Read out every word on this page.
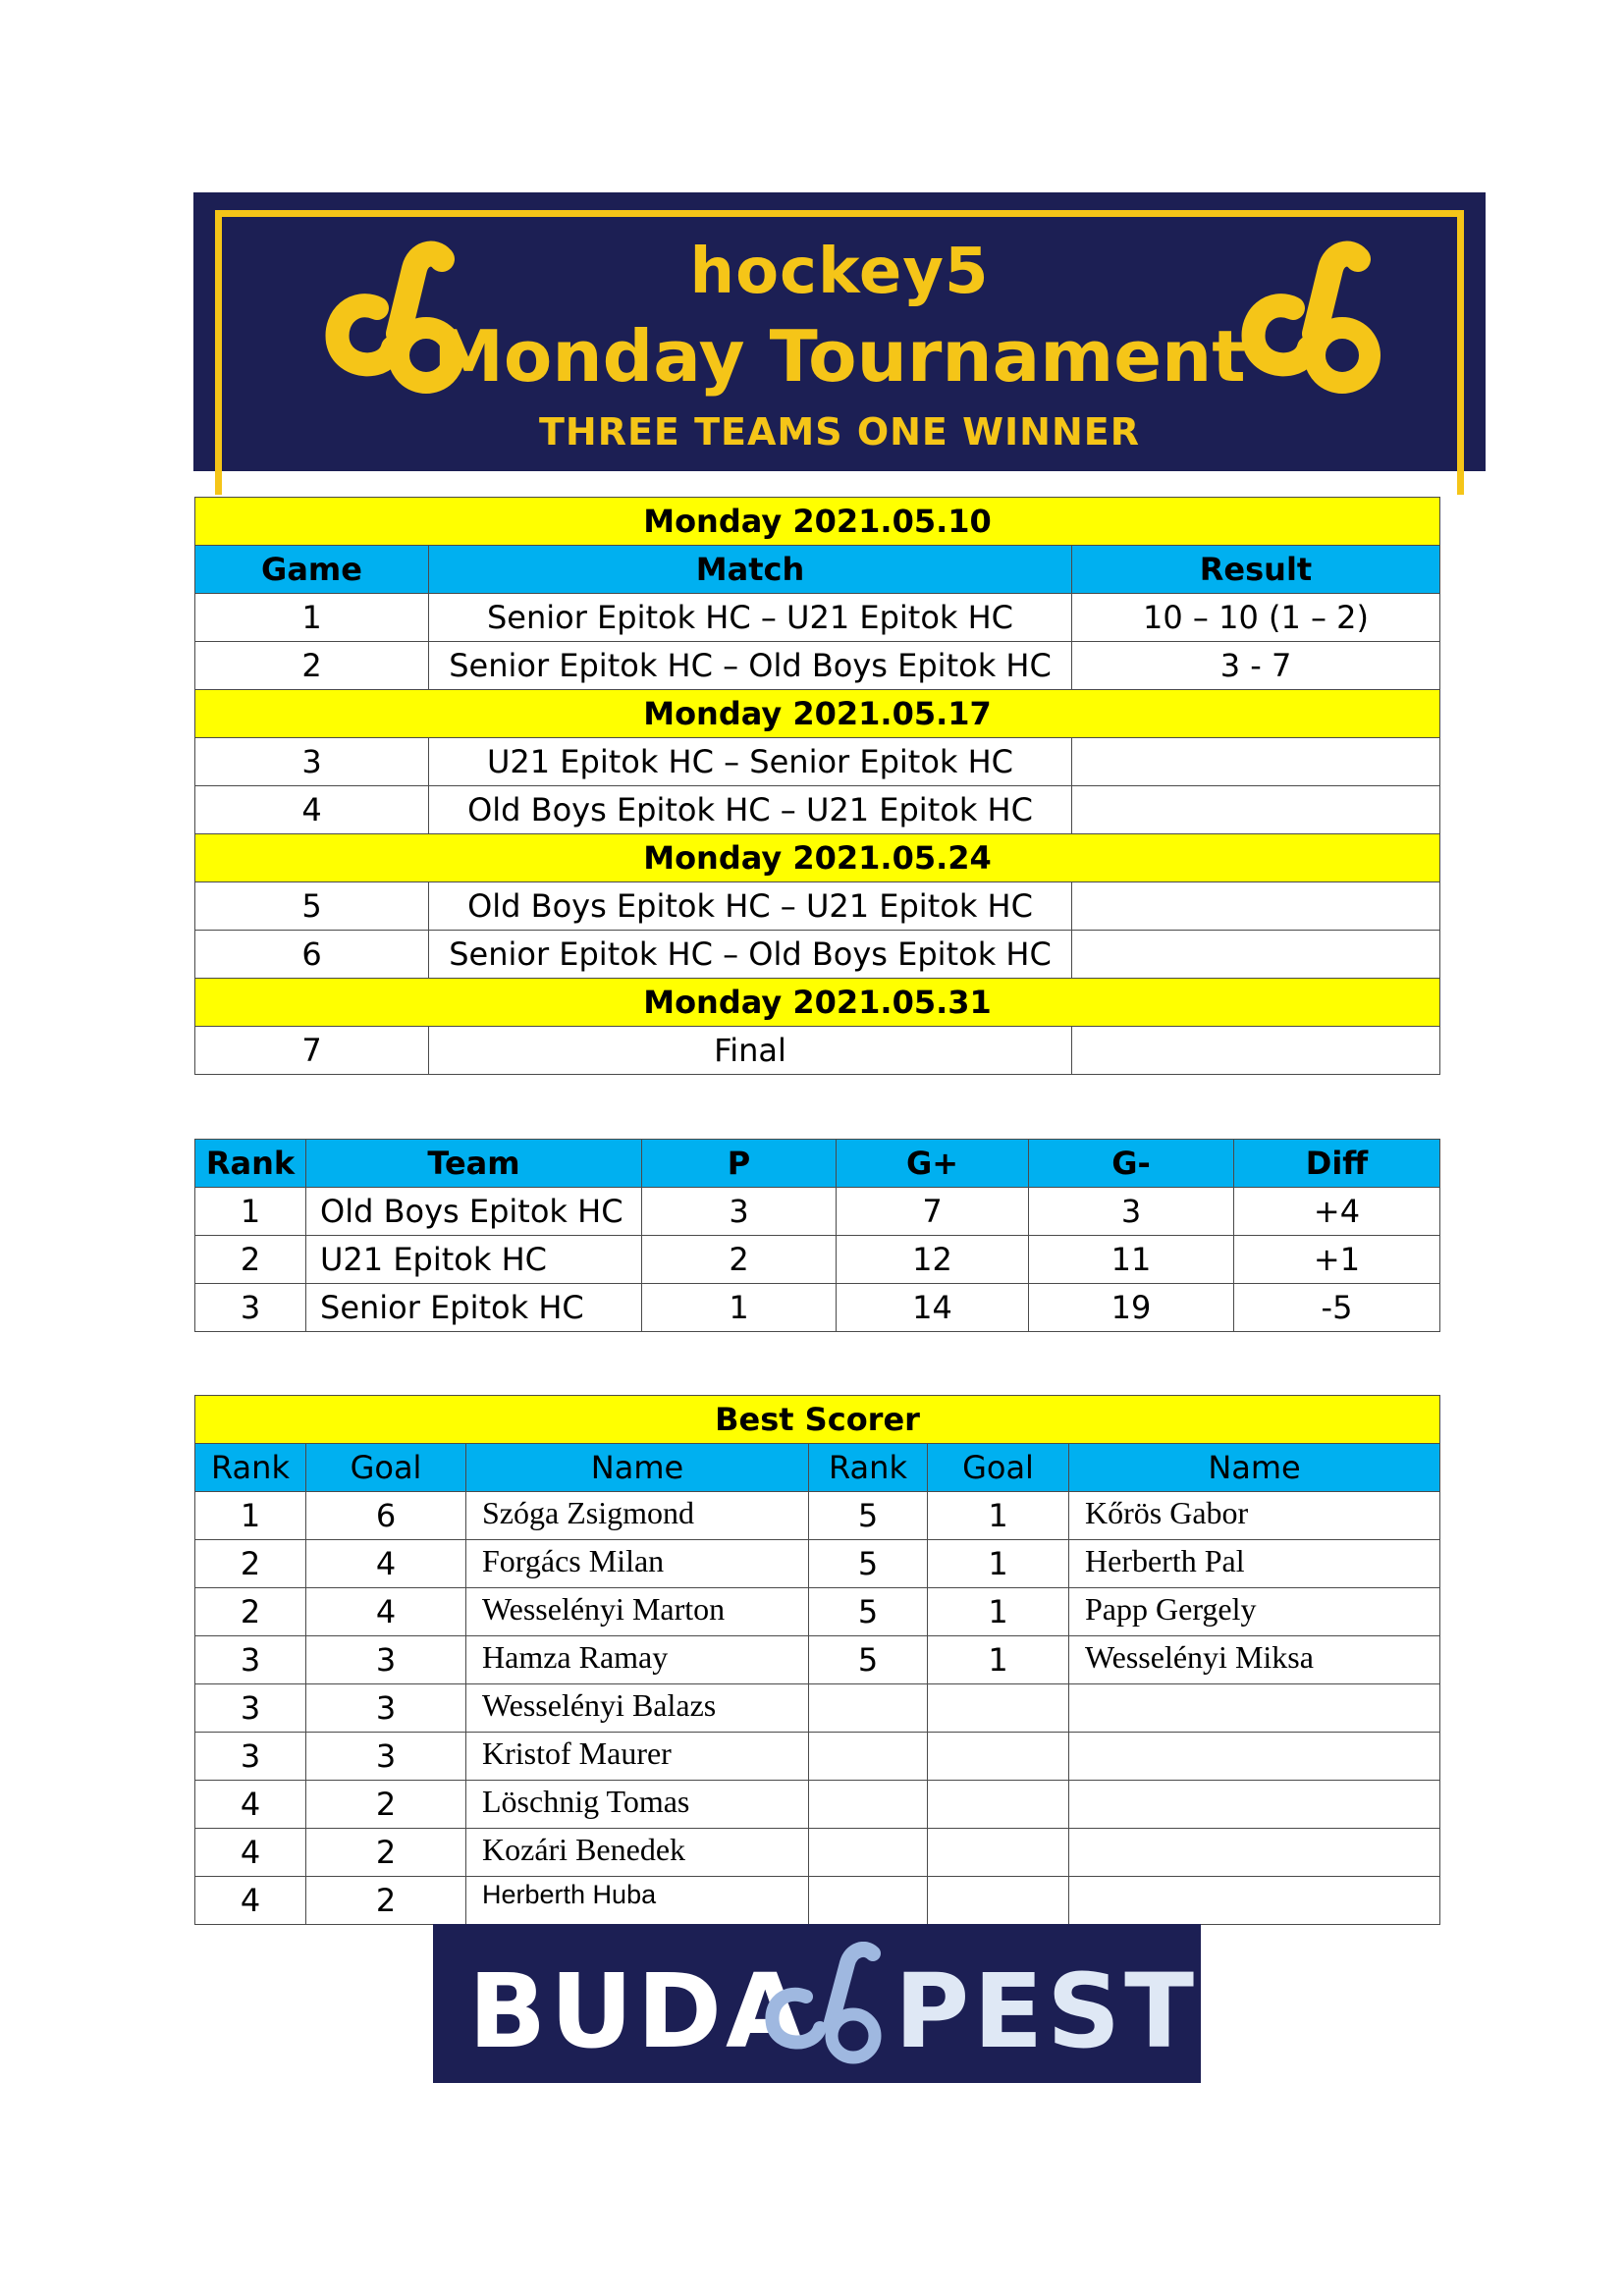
hockey5
Monday Tournament
THREE TEAMS ONE WINNER
Monday 2021.05.10		
Game	Match	Result
1	Senior Epitok HC – U21 Epitok HC	10 – 10 (1 – 2)
2	Senior Epitok HC – Old Boys Epitok HC	3 - 7
Monday 2021.05.17		
3	U21 Epitok HC – Senior Epitok HC	
4	Old Boys Epitok HC – U21 Epitok HC	
Monday 2021.05.24		
5	Old Boys Epitok HC – U21 Epitok HC	
6	Senior Epitok HC – Old Boys Epitok HC	
Monday 2021.05.31		
7	Final	
Rank	Team	P	G+	G-	Diff
1	Old Boys Epitok HC	3	7	3	+4
2	U21 Epitok HC	2	12	11	+1
3	Senior Epitok HC	1	14	19	-5
Best Scorer					
Rank	Goal	Name	Rank	Goal	Name
1	6	Szóga Zsigmond	5	1	Kőrös Gabor
2	4	Forgács Milan	5	1	Herberth Pal
2	4	Wesselényi Marton	5	1	Papp Gergely
3	3	Hamza Ramay	5	1	Wesselényi Miksa
3	3	Wesselényi Balazs			
3	3	Kristof Maurer			
4	2	Löschnig Tomas			
4	2	Kozári Benedek			
4	2	Herberth Huba			
BUDA PEST
